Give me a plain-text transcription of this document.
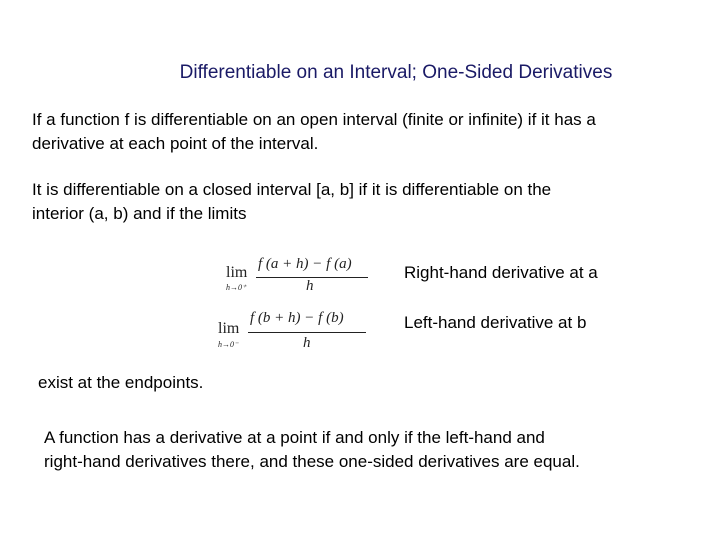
Differentiable on an Interval; One-Sided Derivatives
If a function f is differentiable on an open interval (finite or infinite) if it has a
derivative at each point of the interval.
It is differentiable on a closed interval [a, b] if it is differentiable on the
interior (a, b) and if the limits
lim
h→0⁺
f (a + h) − f (a)
h
Right-hand derivative at a
lim
h→0⁻
f (b + h) − f (b)
h
Left-hand derivative at b
exist at the endpoints.
A function has a derivative at a point if and only if the left-hand and
right-hand derivatives there, and these one-sided derivatives are equal.
